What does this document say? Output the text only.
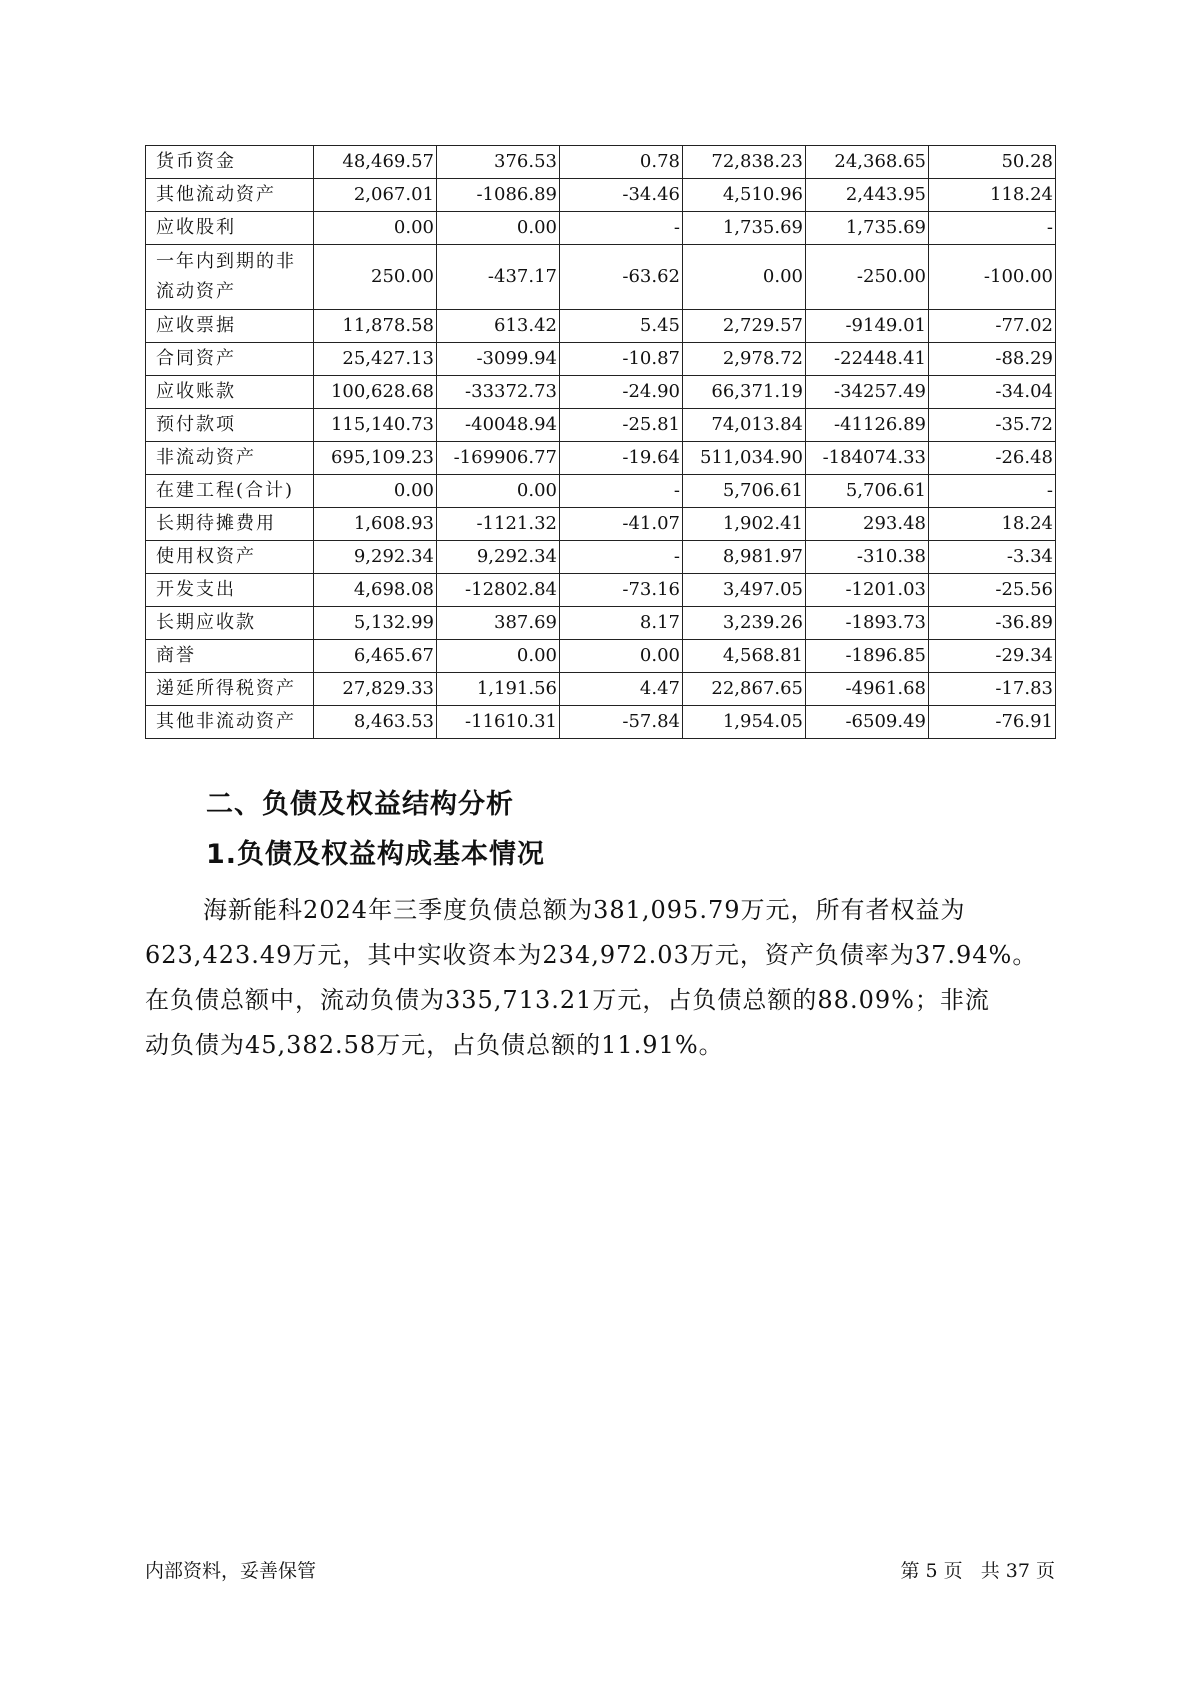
货币资金	48,469.57	376.53	0.78	72,838.23	24,368.65	50.28
其他流动资产	2,067.01	-1086.89	-34.46	4,510.96	2,443.95	118.24
应收股利	0.00	0.00	-	1,735.69	1,735.69	-
一年内到期的非流动资产	250.00	-437.17	-63.62	0.00	-250.00	-100.00
应收票据	11,878.58	613.42	5.45	2,729.57	-9149.01	-77.02
合同资产	25,427.13	-3099.94	-10.87	2,978.72	-22448.41	-88.29
应收账款	100,628.68	-33372.73	-24.90	66,371.19	-34257.49	-34.04
预付款项	115,140.73	-40048.94	-25.81	74,013.84	-41126.89	-35.72
非流动资产	695,109.23	-169906.77	-19.64	511,034.90	-184074.33	-26.48
在建工程(合计)	0.00	0.00	-	5,706.61	5,706.61	-
长期待摊费用	1,608.93	-1121.32	-41.07	1,902.41	293.48	18.24
使用权资产	9,292.34	9,292.34	-	8,981.97	-310.38	-3.34
开发支出	4,698.08	-12802.84	-73.16	3,497.05	-1201.03	-25.56
长期应收款	5,132.99	387.69	8.17	3,239.26	-1893.73	-36.89
商誉	6,465.67	0.00	0.00	4,568.81	-1896.85	-29.34
递延所得税资产	27,829.33	1,191.56	4.47	22,867.65	-4961.68	-17.83
其他非流动资产	8,463.53	-11610.31	-57.84	1,954.05	-6509.49	-76.91
二、负债及权益结构分析
1.负债及权益构成基本情况
海新能科2024年三季度负债总额为381,095.79万元，所有者权益为
623,423.49万元，其中实收资本为234,972.03万元，资产负债率为37.94%。
在负债总额中，流动负债为335,713.21万元，占负债总额的88.09%；非流
动负债为45,382.58万元，占负债总额的11.91%。
内部资料，妥善保管	第 5 页   共 37 页
